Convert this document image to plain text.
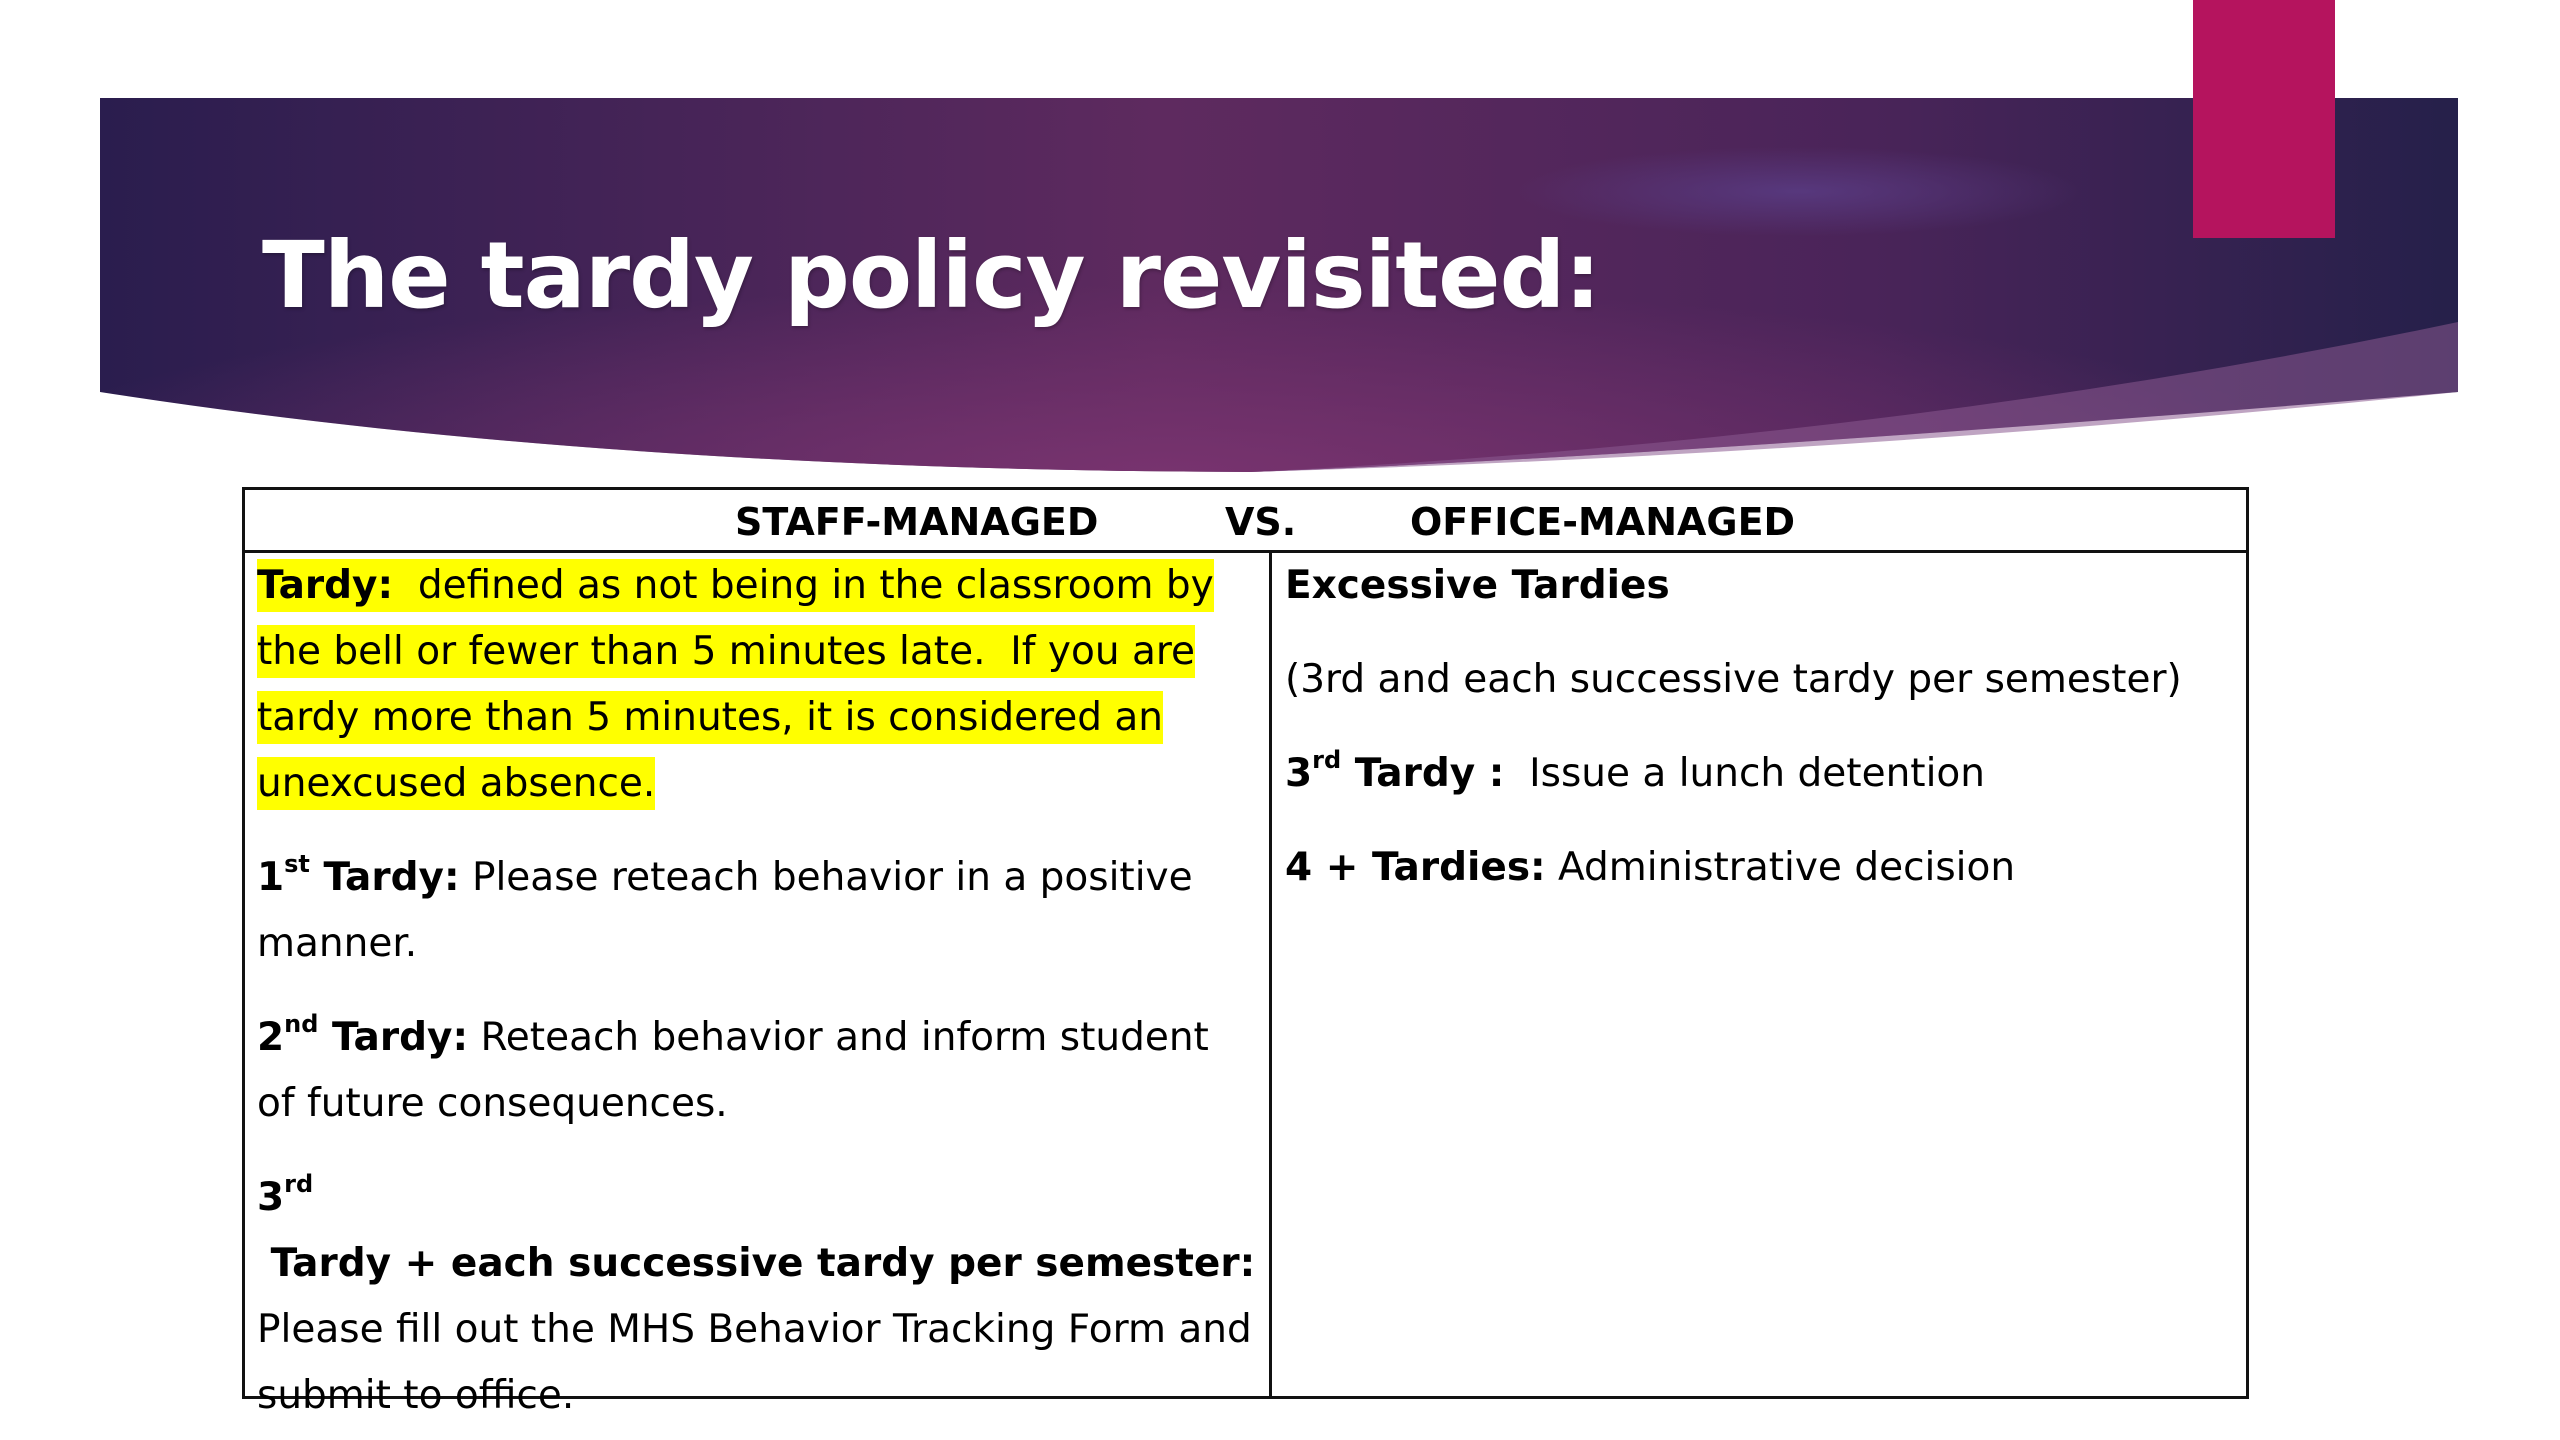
The tardy policy revisited:
STAFF-MANAGED	VS.	OFFICE-MANAGED

Tardy:  defined as not being in the classroom by
the bell or fewer than 5 minutes late.  If you are
tardy more than 5 minutes, it is considered an
unexcused absence.

1st Tardy: Please reteach behavior in a positive manner.

2nd Tardy: Reteach behavior and inform student of future consequences.

3rd Tardy + each successive tardy per semester:
Please fill out the MHS Behavior Tracking Form and submit to office.

Excessive Tardies

(3rd and each successive tardy per semester)

3rd Tardy :  Issue a lunch detention

4 + Tardies: Administrative decision
